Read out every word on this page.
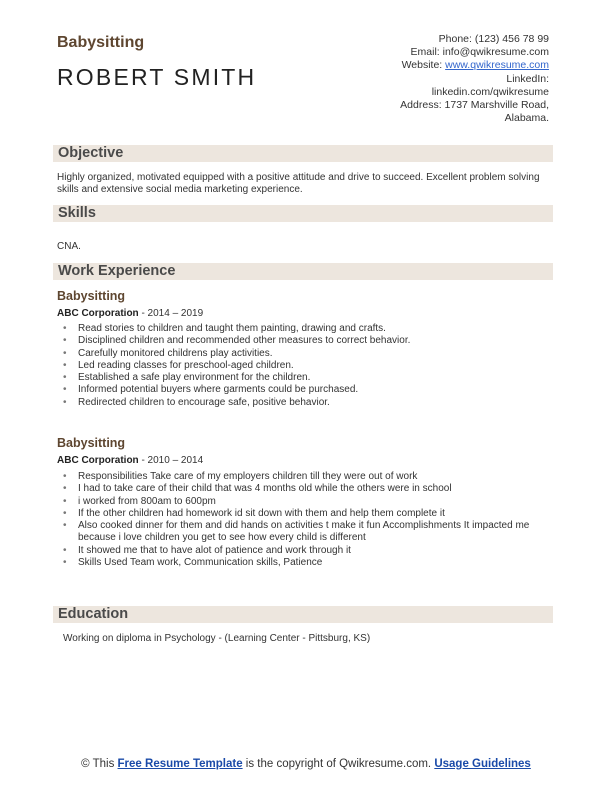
Babysitting
ROBERT SMITH
Phone: (123) 456 78 99
Email: info@qwikresume.com
Website: www.qwikresume.com
LinkedIn:
linkedin.com/qwikresume
Address: 1737 Marshville Road,
Alabama.
Objective
Highly organized, motivated equipped with a positive attitude and drive to succeed. Excellent problem solving skills and extensive social media marketing experience.
Skills
CNA.
Work Experience
Babysitting
ABC Corporation - 2014 – 2019
• Read stories to children and taught them painting, drawing and crafts.
• Disciplined children and recommended other measures to correct behavior.
• Carefully monitored childrens play activities.
• Led reading classes for preschool-aged children.
• Established a safe play environment for the children.
• Informed potential buyers where garments could be purchased.
• Redirected children to encourage safe, positive behavior.
Babysitting
ABC Corporation - 2010 – 2014
• Responsibilities Take care of my employers children till they were out of work
• I had to take care of their child that was 4 months old while the others were in school
• i worked from 800am to 600pm
• If the other children had homework id sit down with them and help them complete it
• Also cooked dinner for them and did hands on activities t make it fun Accomplishments It impacted me because i love children you get to see how every child is different
• It showed me that to have alot of patience and work through it
• Skills Used Team work, Communication skills, Patience
Education
Working on diploma in Psychology - (Learning Center - Pittsburg, KS)
© This Free Resume Template is the copyright of Qwikresume.com. Usage Guidelines
